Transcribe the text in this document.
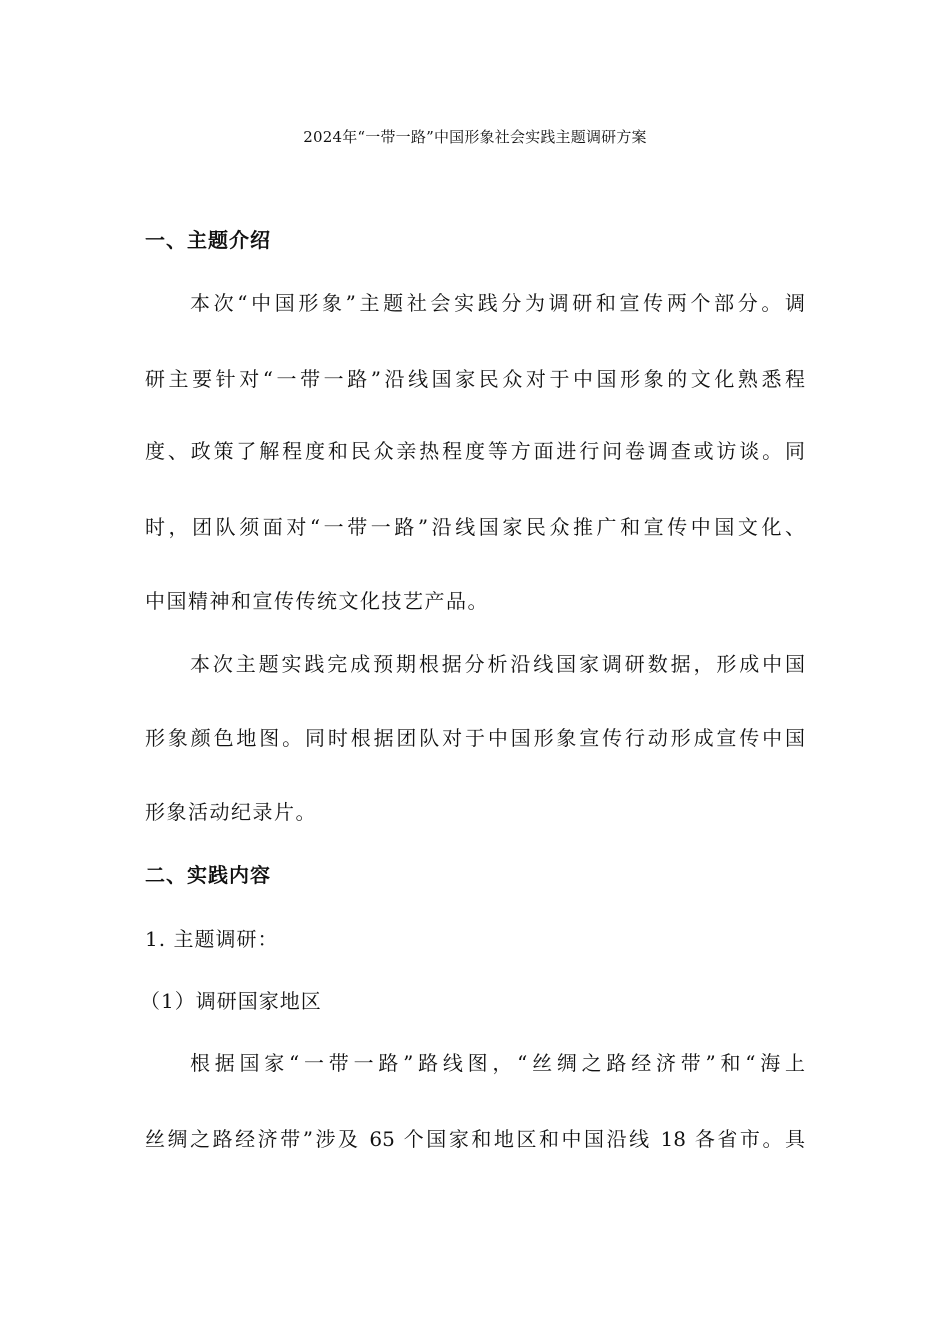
2024年“一带一路”中国形象社会实践主题调研方案
一、主题介绍
本次“中国形象”主题社会实践分为调研和宣传两个部分。调
研主要针对“一带一路”沿线国家民众对于中国形象的文化熟悉程
度、政策了解程度和民众亲热程度等方面进行问卷调查或访谈。同
时，团队须面对“一带一路”沿线国家民众推广和宣传中国文化、
中国精神和宣传传统文化技艺产品。
本次主题实践完成预期根据分析沿线国家调研数据，形成中国
形象颜色地图。同时根据团队对于中国形象宣传行动形成宣传中国
形象活动纪录片。
二、实践内容
1. 主题调研：
（1）调研国家地区
根据国家“一带一路”路线图，“丝绸之路经济带”和“海上
丝绸之路经济带”涉及 65 个国家和地区和中国沿线 18 各省市。具
